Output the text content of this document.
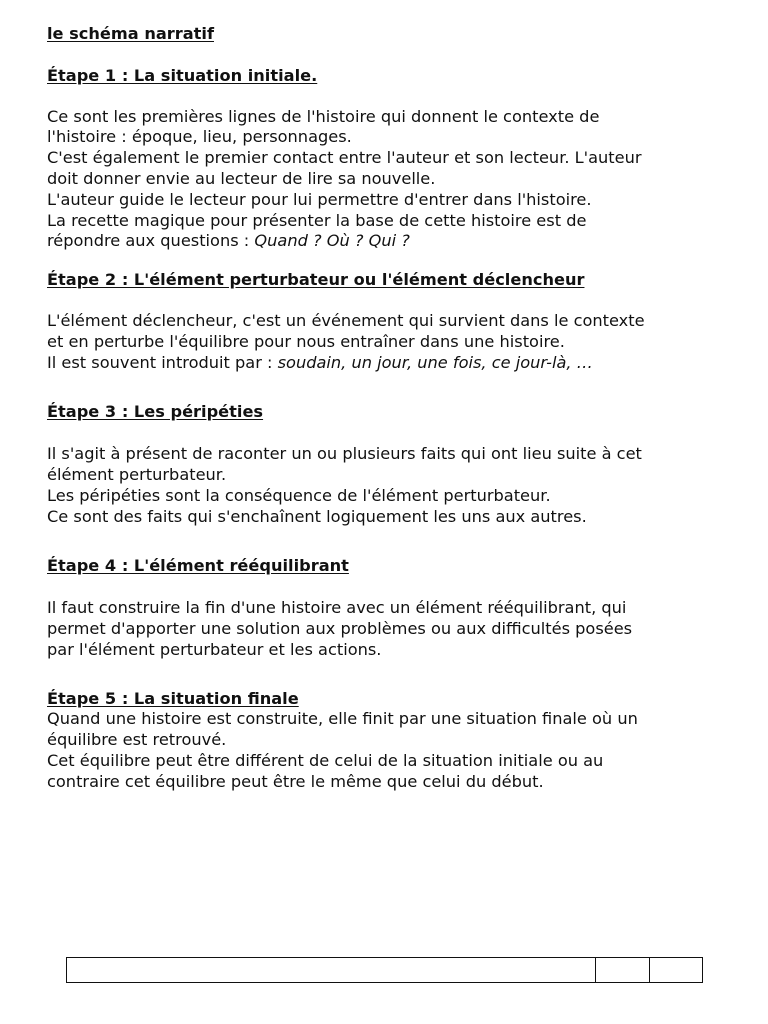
le schéma narratif
Étape 1 : La situation initiale.

Ce sont les premières lignes de l'histoire qui donnent le contexte de

l'histoire : époque, lieu, personnages.

C'est également le premier contact entre l'auteur et son lecteur. L'auteur

doit donner envie au lecteur de lire sa nouvelle.

L'auteur guide le lecteur pour lui permettre d'entrer dans l'histoire.

La recette magique pour présenter la base de cette histoire est de

répondre aux questions : Quand ? Où ? Qui ?

Étape 2 : L'élément perturbateur ou l'élément déclencheur

L'élément déclencheur, c'est un événement qui survient dans le contexte

et en perturbe l'équilibre pour nous entraîner dans une histoire.

Il est souvent introduit par : soudain, un jour, une fois, ce jour-là, …

Étape 3 : Les péripéties

Il s'agit à présent de raconter un ou plusieurs faits qui ont lieu suite à cet

élément perturbateur.

Les péripéties sont la conséquence de l'élément perturbateur.

Ce sont des faits qui s'enchaînent logiquement les uns aux autres.

Étape 4 : L'élément rééquilibrant

Il faut construire la fin d'une histoire avec un élément rééquilibrant, qui

permet d'apporter une solution aux problèmes ou aux difficultés posées

par l'élément perturbateur et les actions.

Étape 5 : La situation finale

Quand une histoire est construite, elle finit par une situation finale où un

équilibre est retrouvé.

Cet équilibre peut être différent de celui de la situation initiale ou au

contraire cet équilibre peut être le même que celui du début.
